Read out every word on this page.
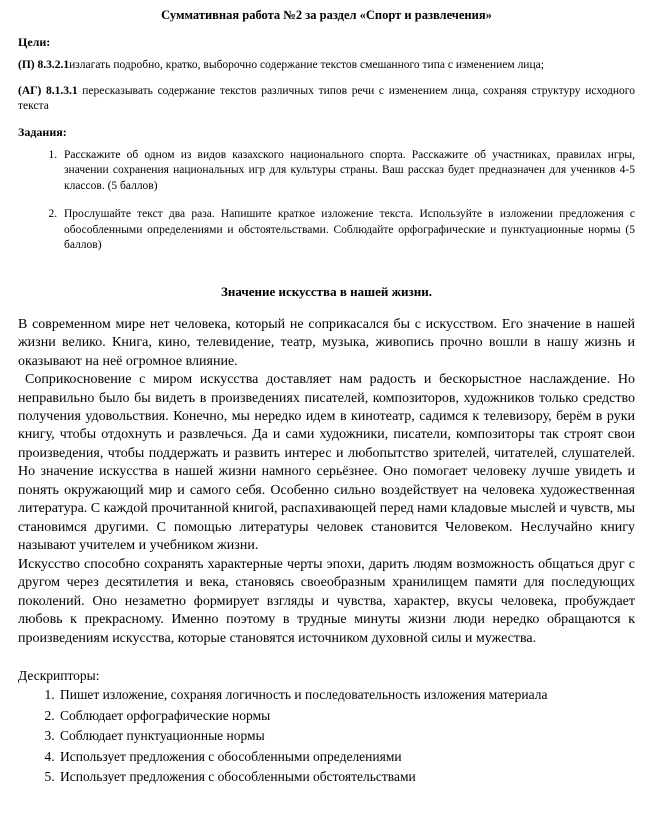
Суммативная работа №2 за раздел «Спорт и развлечения»

Цели:

(П) 8.3.2.1излагать подробно, кратко, выборочно содержание текстов смешанного типа с изменением лица;

(АГ) 8.1.3.1 пересказывать содержание текстов различных типов речи с изменением лица, сохраняя структуру исходного текста

Задания:

1. Расскажите об одном из видов казахского национального спорта. Расскажите об участниках, правилах игры, значении сохранения национальных игр для культуры страны. Ваш рассказ будет предназначен для учеников 4-5 классов. (5 баллов)
2. Прослушайте текст два раза. Напишите краткое изложение текста. Используйте в изложении предложения с обособленными определениями и обстоятельствами. Соблюдайте орфографические и пунктуационные нормы (5 баллов)
Значение искусства в нашей жизни.

В современном мире нет человека, который не соприкасался бы с искусством. Его значение в нашей жизни велико. Книга, кино, телевидение, театр, музыка, живопись прочно вошли в нашу жизнь и оказывают на неё огромное влияние.

Соприкосновение с миром искусства доставляет нам радость и бескорыстное наслаждение. Но неправильно было бы видеть в произведениях писателей, композиторов, художников только средство получения удовольствия. Конечно, мы нередко идем в кинотеатр, садимся к телевизору, берём в руки книгу, чтобы отдохнуть и развлечься. Да и сами художники, писатели, композиторы так строят свои произведения, чтобы поддержать и развить интерес и любопытство зрителей, читателей, слушателей. Но значение искусства в нашей жизни намного серьёзнее. Оно помогает человеку лучше увидеть и понять окружающий мир и самого себя. Особенно сильно воздействует на человека художественная литература. С каждой прочитанной книгой, распахивающей перед нами кладовые мыслей и чувств, мы становимся другими. С помощью литературы человек становится Человеком. Неслучайно книгу называют учителем и учебником жизни.

Искусство способно сохранять характерные черты эпохи, дарить людям возможность общаться друг с другом через десятилетия и века, становясь своеобразным хранилищем памяти для последующих поколений. Оно незаметно формирует взгляды и чувства, характер, вкусы человека, пробуждает любовь к прекрасному. Именно поэтому в трудные минуты жизни люди нередко обращаются к произведениям искусства, которые становятся источником духовной силы и мужества.

Дескрипторы:

1. Пишет изложение, сохраняя логичность и последовательность изложения материала
2. Соблюдает орфографические нормы
3. Соблюдает пунктуационные нормы
4. Использует предложения с обособленными определениями
5. Использует предложения с обособленными обстоятельствами
